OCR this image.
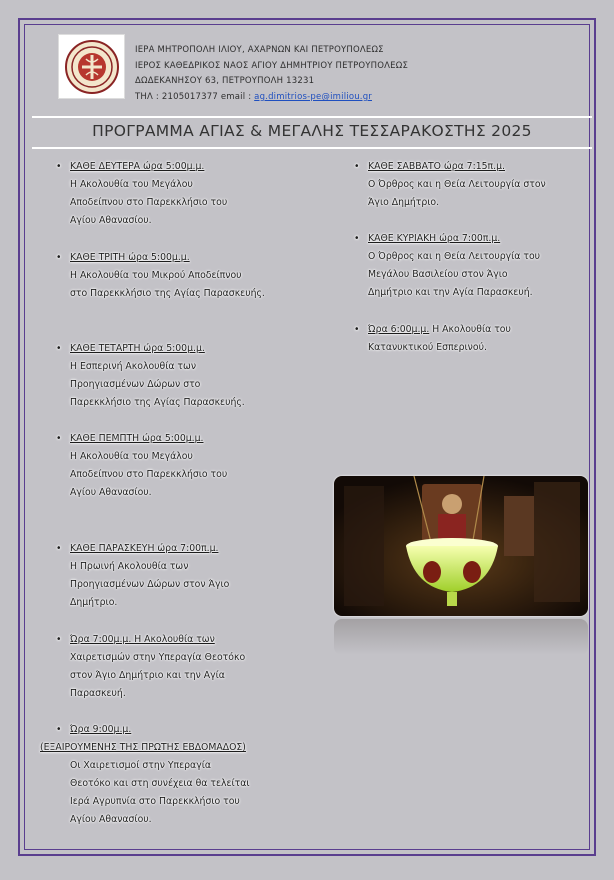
ΙΕΡΑ ΜΗΤΡΟΠΟΛΗ ΙΛΙΟΥ, ΑΧΑΡΝΩΝ ΚΑΙ ΠΕΤΡΟΥΠΟΛΕΩΣ
ΙΕΡΟΣ ΚΑΘΕΔΡΙΚΟΣ ΝΑΟΣ ΑΓΙΟΥ ΔΗΜΗΤΡΙΟΥ ΠΕΤΡΟΥΠΟΛΕΩΣ
ΔΩΔΕΚΑΝΗΣΟΥ 63, ΠΕΤΡΟΥΠΟΛΗ 13231
ΤΗΛ : 2105017377 email : ag.dimitrios-pe@imiliou.gr
ΠΡΟΓΡΑΜΜΑ ΑΓΙΑΣ & ΜΕΓΑΛΗΣ ΤΕΣΣΑΡΑΚΟΣΤΗΣ 2025
• ΚΑΘΕ ΔΕΥΤΕΡΑ ώρα 5:00μ.μ.
Η Ακολουθία του Μεγάλου
Αποδείπνου στο Παρεκκλήσιο του
Αγίου Αθανασίου.
• ΚΑΘΕ ΤΡΙΤΗ ώρα 5:00μ.μ.
Η Ακολουθία του Μικρού Αποδείπνου
στο Παρεκκλήσιο της Αγίας Παρασκευής.
• ΚΑΘΕ ΤΕΤΑΡΤΗ ώρα 5:00μ.μ.
Η Εσπερινή Ακολουθία των
Προηγιασμένων Δώρων στο
Παρεκκλήσιο της Αγίας Παρασκευής.
• ΚΑΘΕ ΠΕΜΠΤΗ ώρα 5:00μ.μ.
Η Ακολουθία του Μεγάλου
Αποδείπνου στο Παρεκκλήσιο του
Αγίου Αθανασίου.
• ΚΑΘΕ ΠΑΡΑΣΚΕΥΗ ώρα 7:00π.μ.
Η Πρωινή Ακολουθία των
Προηγιασμένων Δώρων στον Άγιο
Δημήτριο.
• Ώρα 7:00μ.μ. Η Ακολουθία των
Χαιρετισμών στην Υπεραγία Θεοτόκο
στον Άγιο Δημήτριο και την Αγία
Παρασκευή.
• Ώρα 9:00μ.μ.
• ΚΑΘΕ ΣΑΒΒΑΤΟ ώρα 7:15π.μ.
Ο Όρθρος και η Θεία Λειτουργία στον
Άγιο Δημήτριο.
• ΚΑΘΕ ΚΥΡΙΑΚΗ ώρα 7:00π.μ.
Ο Όρθρος και η Θεία Λειτουργία του
Μεγάλου Βασιλείου στον Άγιο
Δημήτριο και την Αγία Παρασκευή.
• Ώρα 6:00μ.μ. Η Ακολουθία του
Κατανυκτικού Εσπερινού.
(ΕΞΑΙΡΟΥΜΕΝΗΣ ΤΗΣ ΠΡΩΤΗΣ ΕΒΔΟΜΑΔΟΣ)
Οι Χαιρετισμοί στην Υπεραγία
Θεοτόκο και στη συνέχεια θα τελείται
Ιερά Αγρυπνία στο Παρεκκλήσιο του
Αγίου Αθανασίου.
